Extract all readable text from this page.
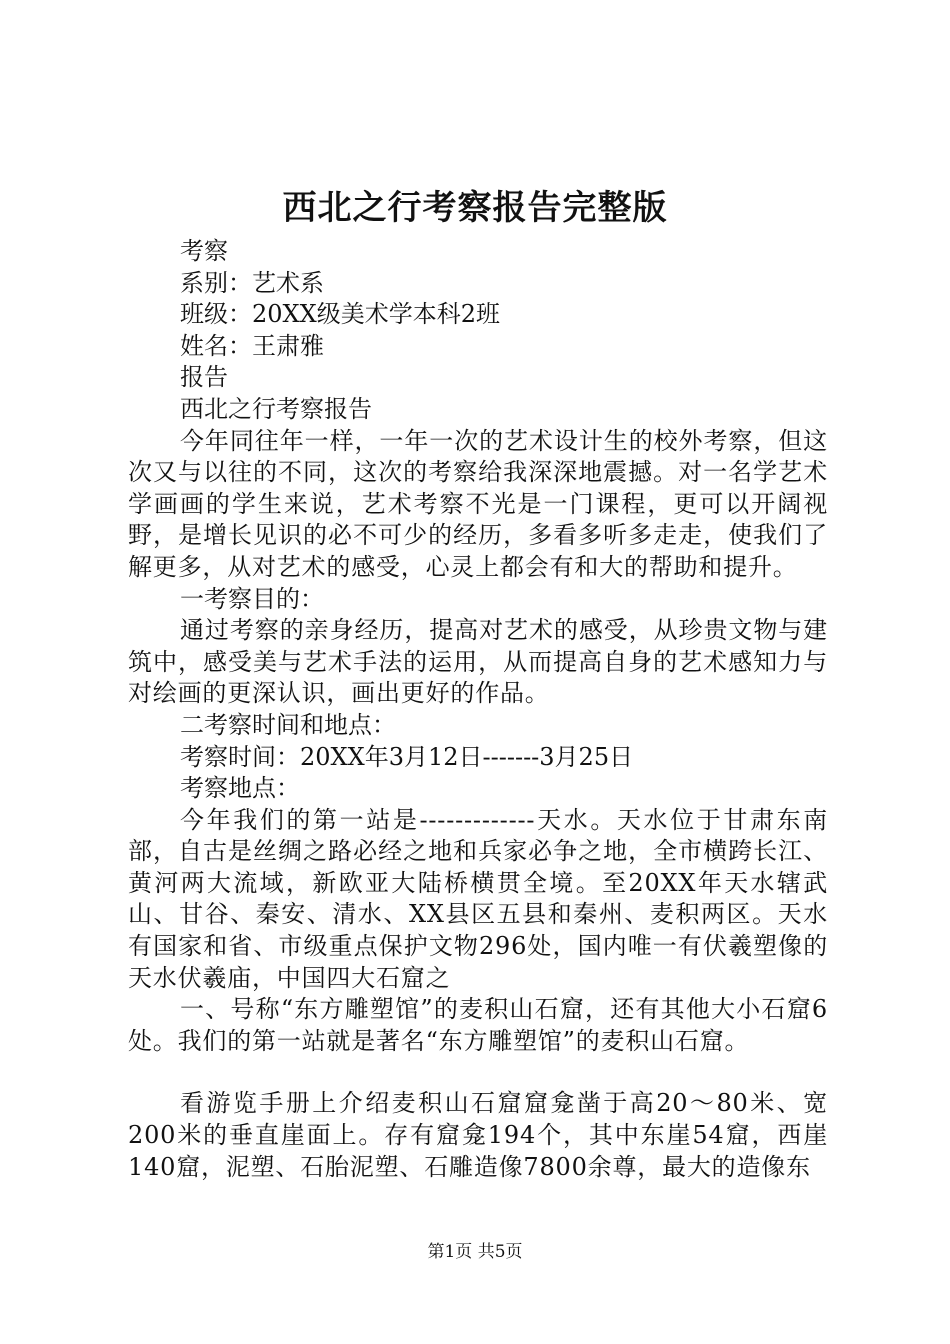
西北之行考察报告完整版

考察

系别：艺术系

班级：20XX级美术学本科2班

姓名：王肃雅

报告

西北之行考察报告

今年同往年一样，一年一次的艺术设计生的校外考察，但这次又与以往的不同，这次的考察给我深深地震撼。对一名学艺术学画画的学生来说，艺术考察不光是一门课程，更可以开阔视野，是增长见识的必不可少的经历，多看多听多走走，使我们了解更多，从对艺术的感受，心灵上都会有和大的帮助和提升。

一考察目的：

通过考察的亲身经历，提高对艺术的感受，从珍贵文物与建筑中，感受美与艺术手法的运用，从而提高自身的艺术感知力与对绘画的更深认识，画出更好的作品。

二考察时间和地点：

考察时间：20XX年3月12日-------3月25日

考察地点：

今年我们的第一站是-------------天水。天水位于甘肃东南部，自古是丝绸之路必经之地和兵家必争之地，全市横跨长江、黄河两大流域，新欧亚大陆桥横贯全境。至20XX年天水辖武山、甘谷、秦安、清水、XX县区五县和秦州、麦积两区。天水有国家和省、市级重点保护文物296处，国内唯一有伏羲塑像的天水伏羲庙，中国四大石窟之

一、号称“东方雕塑馆”的麦积山石窟，还有其他大小石窟6处。我们的第一站就是著名“东方雕塑馆”的麦积山石窟。

看游览手册上介绍麦积山石窟窟龛凿于高20～80米、宽200米的垂直崖面上。存有窟龛194个，其中东崖54窟，西崖140窟，泥塑、石胎泥塑、石雕造像7800余尊，最大的造像东

第1页 共5页
